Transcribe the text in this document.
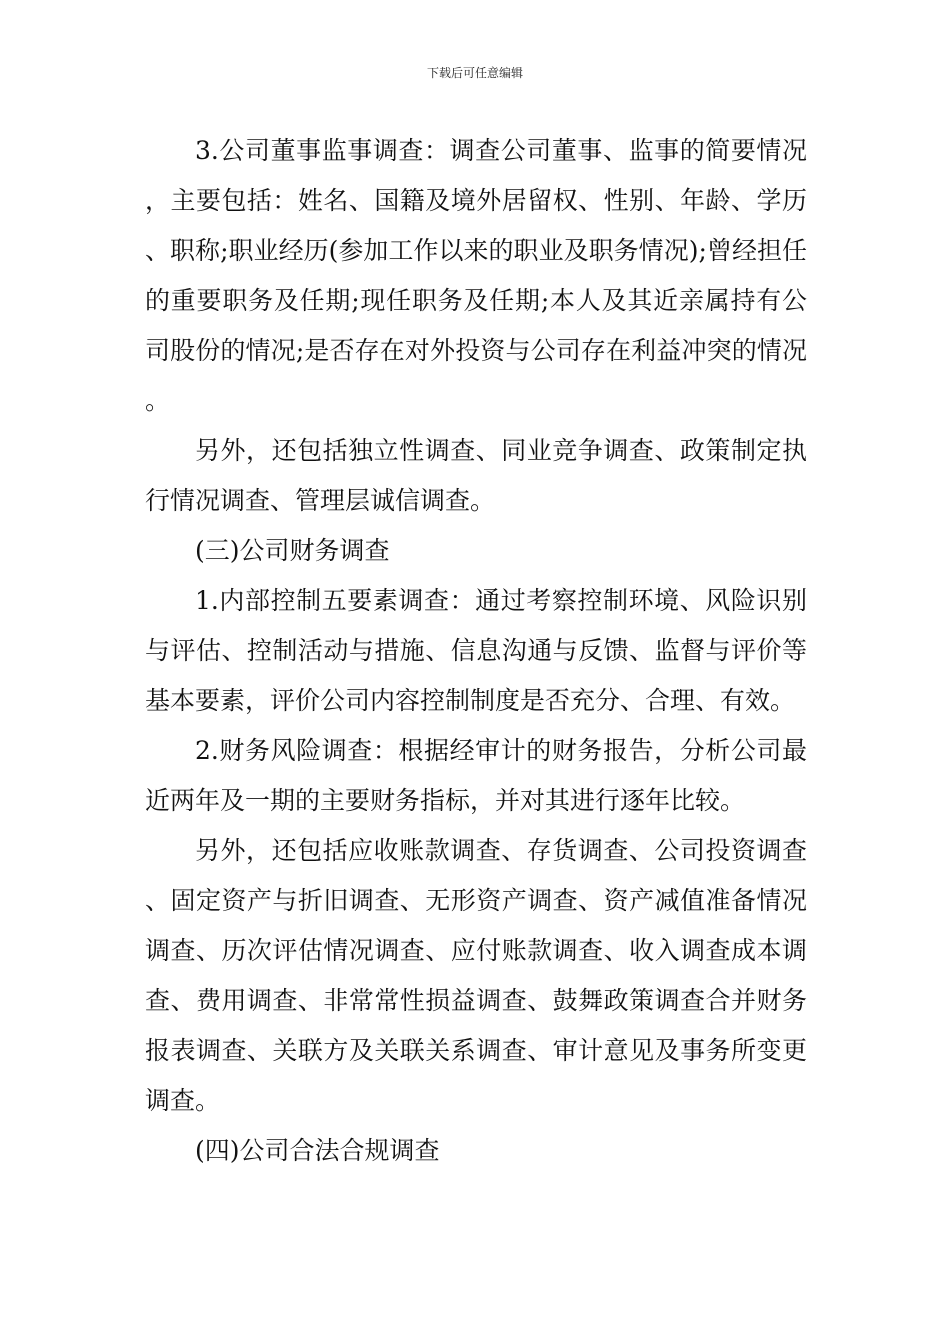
下载后可任意编辑

3.公司董事监事调查：调查公司董事、监事的简要情况，主要包括：姓名、国籍及境外居留权、性别、年龄、学历、职称;职业经历(参加工作以来的职业及职务情况);曾经担任的重要职务及任期;现任职务及任期;本人及其近亲属持有公司股份的情况;是否存在对外投资与公司存在利益冲突的情况。

另外，还包括独立性调查、同业竞争调查、政策制定执行情况调查、管理层诚信调查。

(三)公司财务调查

1.内部控制五要素调查：通过考察控制环境、风险识别与评估、控制活动与措施、信息沟通与反馈、监督与评价等基本要素，评价公司内容控制制度是否充分、合理、有效。

2.财务风险调查：根据经审计的财务报告，分析公司最近两年及一期的主要财务指标，并对其进行逐年比较。

另外，还包括应收账款调查、存货调查、公司投资调查、固定资产与折旧调查、无形资产调查、资产减值准备情况调查、历次评估情况调查、应付账款调查、收入调查成本调查、费用调查、非常常性损益调查、鼓舞政策调查合并财务报表调查、关联方及关联关系调查、审计意见及事务所变更调查。

(四)公司合法合规调查
